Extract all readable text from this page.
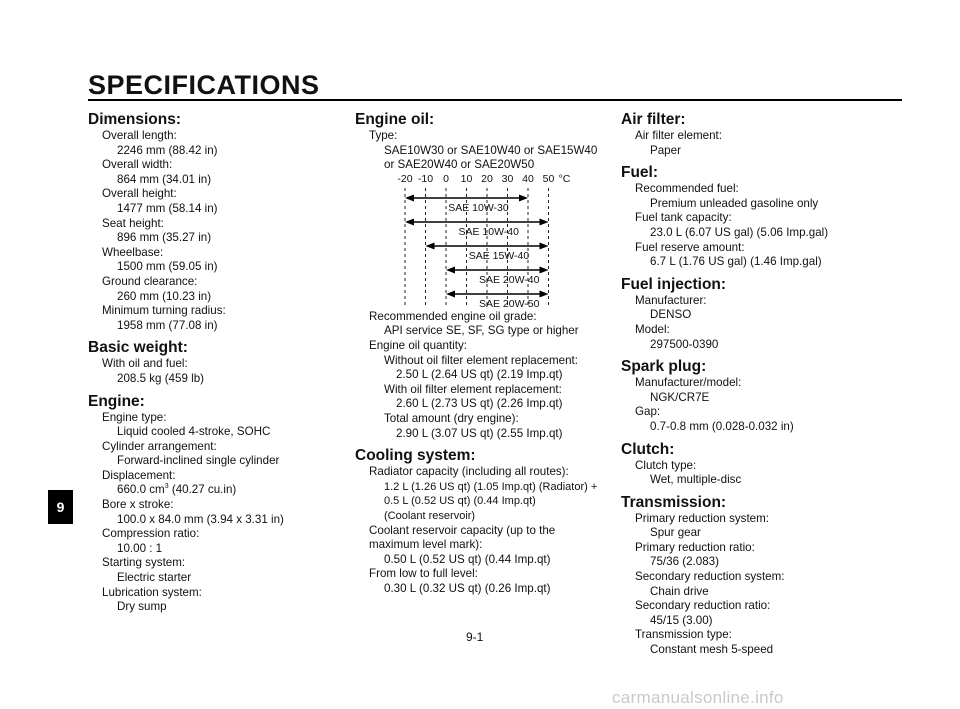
SPECIFICATIONS
Dimensions:
Overall length:
2246 mm (88.42 in)
Overall width:
864 mm (34.01 in)
Overall height:
1477 mm (58.14 in)
Seat height:
896 mm (35.27 in)
Wheelbase:
1500 mm (59.05 in)
Ground clearance:
260 mm (10.23 in)
Minimum turning radius:
1958 mm (77.08 in)
Basic weight:
With oil and fuel:
208.5 kg (459 lb)
Engine:
Engine type:
Liquid cooled 4-stroke, SOHC
Cylinder arrangement:
Forward-inclined single cylinder
Displacement:
660.0 $cm^3$ (40.27 cu.in)
Bore x stroke:
100.0 x 84.0 mm (3.94 x 3.31 in)
Compression ratio:
10.00 : 1
Starting system:
Electric starter
Lubrication system:
Dry sump
Engine oil:
Type:
SAE10W30 or SAE10W40 or SAE15W40
or SAE20W40 or SAE20W50
Recommended engine oil grade:
API service SE, SF, SG type or higher
Engine oil quantity:
Without oil filter element replacement:
2.50 L (2.64 US qt) (2.19 Imp.qt)
With oil filter element replacement:
2.60 L (2.73 US qt) (2.26 Imp.qt)
Total amount (dry engine):
2.90 L (3.07 US qt) (2.55 Imp.qt)
Cooling system:
Radiator capacity (including all routes):
1.2 L (1.26 US qt) (1.05 Imp.qt) (Radiator) +
0.5 L (0.52 US qt) (0.44 Imp.qt)
(Coolant reservoir)
Coolant reservoir capacity (up to the
maximum level mark):
0.50 L (0.52 US qt) (0.44 Imp.qt)
From low to full level:
0.30 L (0.32 US qt) (0.26 Imp.qt)
-20 -10 0 10 20 30 40 50 °C
SAE 10W-30
SAE 10W-40
SAE 15W-40
SAE 20W-40
SAE 20W-50
Air filter:
Air filter element:
Paper
Fuel:
Recommended fuel:
Premium unleaded gasoline only
Fuel tank capacity:
23.0 L (6.07 US gal) (5.06 Imp.gal)
Fuel reserve amount:
6.7 L (1.76 US gal) (1.46 Imp.gal)
Fuel injection:
Manufacturer:
DENSO
Model:
297500-0390
Spark plug:
Manufacturer/model:
NGK/CR7E
Gap:
0.7-0.8 mm (0.028-0.032 in)
Clutch:
Clutch type:
Wet, multiple-disc
Transmission:
Primary reduction system:
Spur gear
Primary reduction ratio:
75/36 (2.083)
Secondary reduction system:
Chain drive
Secondary reduction ratio:
45/15 (3.00)
Transmission type:
Constant mesh 5-speed
9
9-1
carmanualsonline.info
